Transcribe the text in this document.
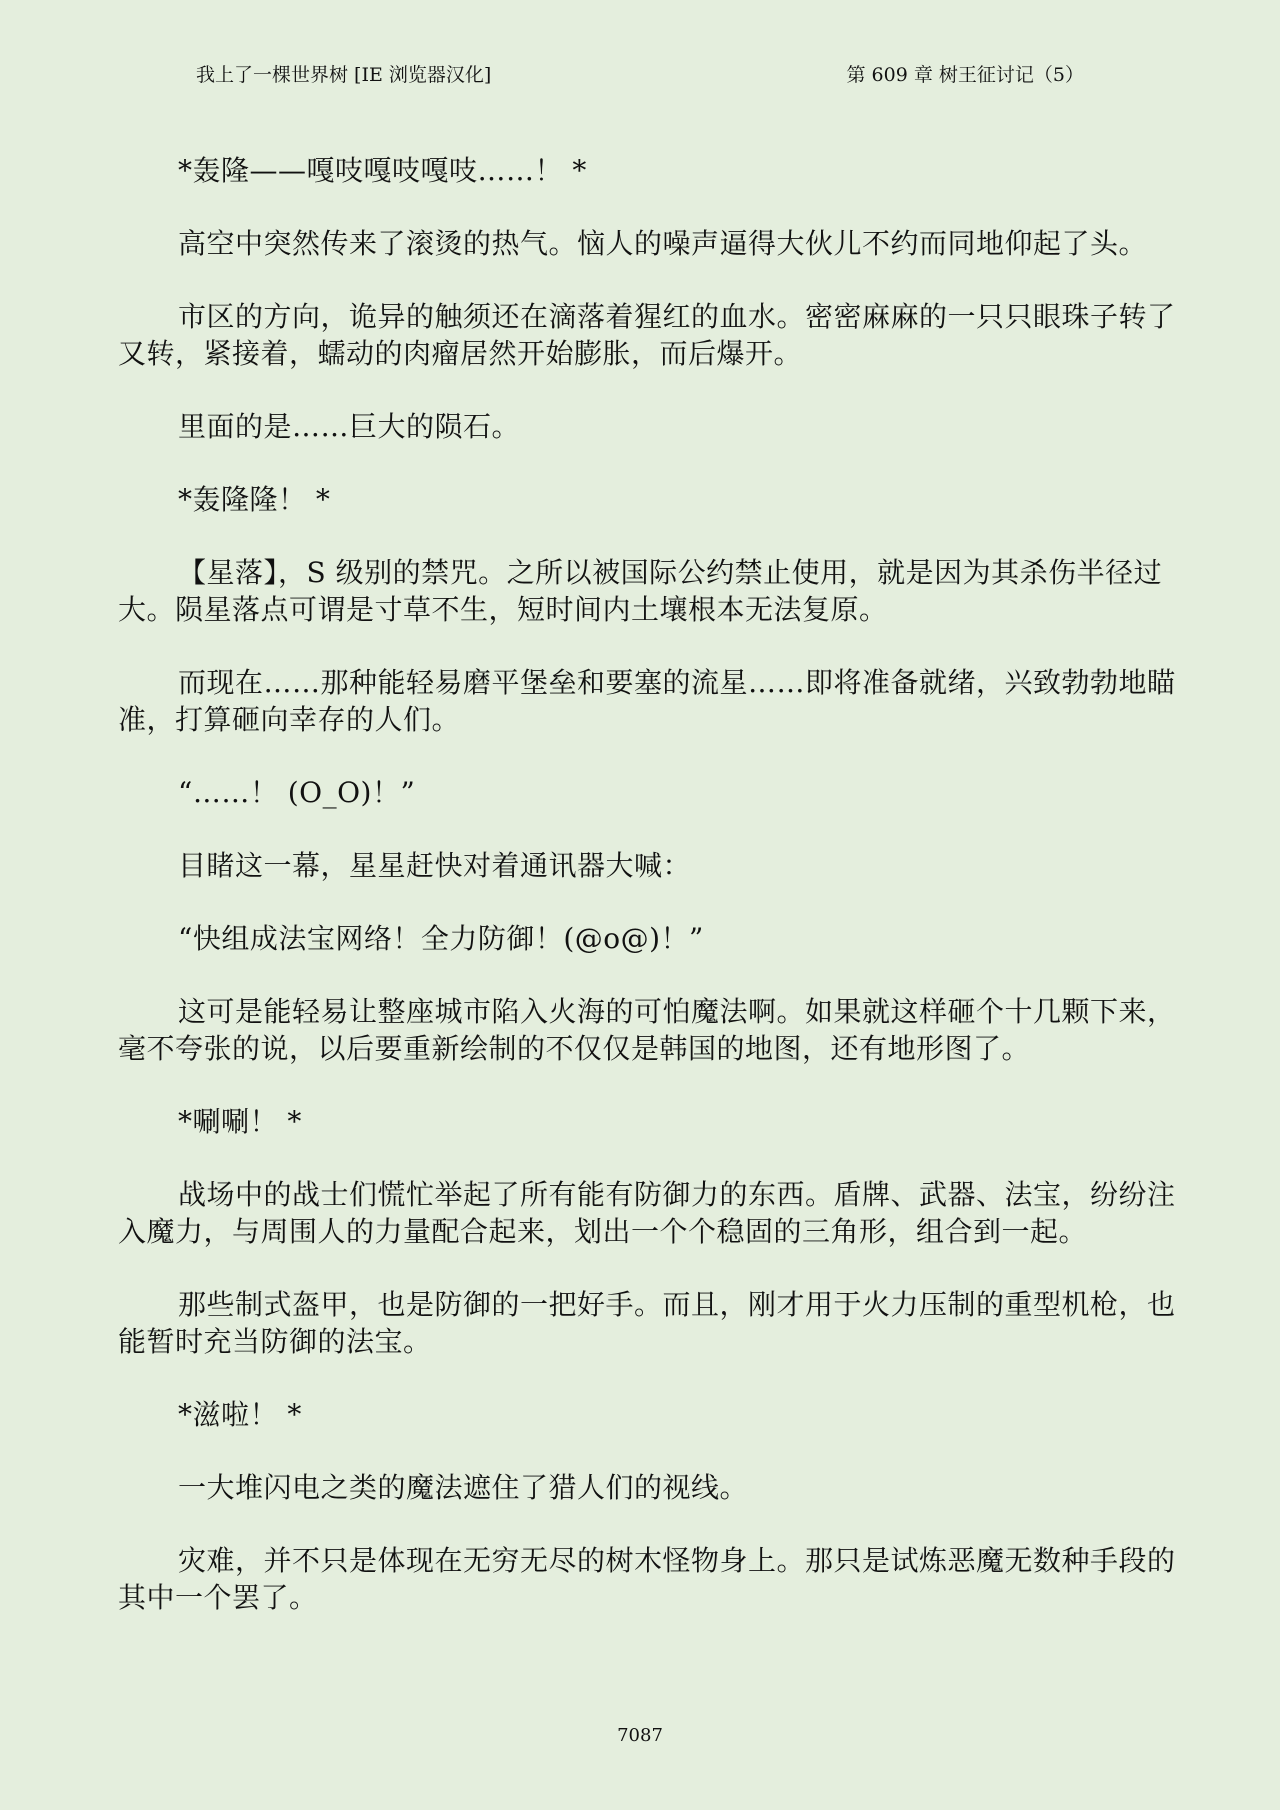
我上了一棵世界树 [IE 浏览器汉化]	第 609 章 树王征讨记（5）

*轰隆——嘎吱嘎吱嘎吱……！ *

高空中突然传来了滚烫的热气。恼人的噪声逼得大伙儿不约而同地仰起了头。

市区的方向，诡异的触须还在滴落着猩红的血水。密密麻麻的一只只眼珠子转了又转，紧接着，蠕动的肉瘤居然开始膨胀，而后爆开。

里面的是……巨大的陨石。

*轰隆隆！ *

【星落】，S 级别的禁咒。之所以被国际公约禁止使用，就是因为其杀伤半径过大。陨星落点可谓是寸草不生，短时间内土壤根本无法复原。

而现在……那种能轻易磨平堡垒和要塞的流星……即将准备就绪，兴致勃勃地瞄准，打算砸向幸存的人们。

“……！ (O_O)！”

目睹这一幕，星星赶快对着通讯器大喊：

“快组成法宝网络！全力防御！(@o@)！”

这可是能轻易让整座城市陷入火海的可怕魔法啊。如果就这样砸个十几颗下来，毫不夸张的说，以后要重新绘制的不仅仅是韩国的地图，还有地形图了。

*唰唰！ *

战场中的战士们慌忙举起了所有能有防御力的东西。盾牌、武器、法宝，纷纷注入魔力，与周围人的力量配合起来，划出一个个稳固的三角形，组合到一起。

那些制式盔甲，也是防御的一把好手。而且，刚才用于火力压制的重型机枪，也能暂时充当防御的法宝。

*滋啦！ *

一大堆闪电之类的魔法遮住了猎人们的视线。

灾难，并不只是体现在无穷无尽的树木怪物身上。那只是试炼恶魔无数种手段的其中一个罢了。

7087
